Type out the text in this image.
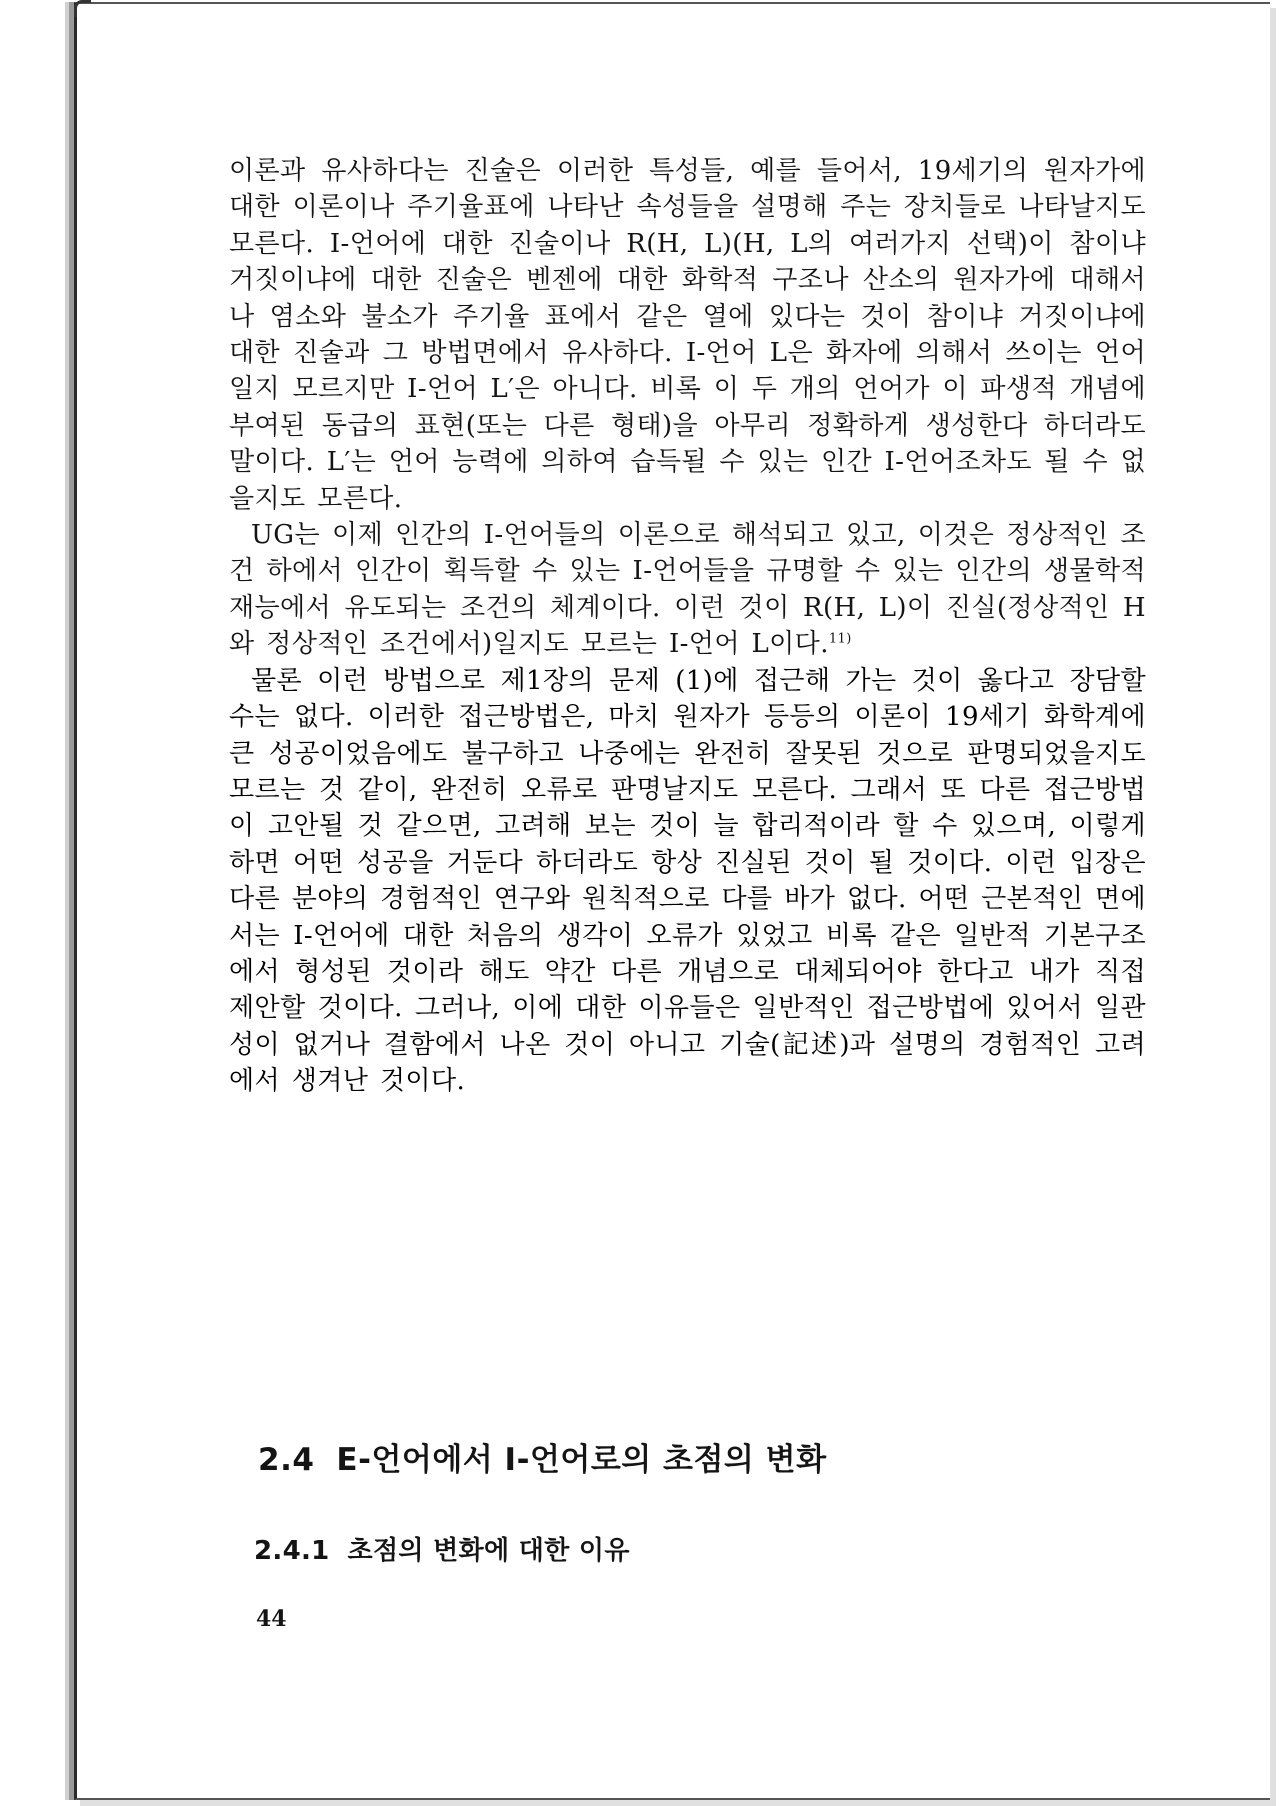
이론과 유사하다는 진술은 이러한 특성들, 예를 들어서, 19세기의 원자가에 대한 이론이나 주기율표에 나타난 속성들을 설명해 주는 장치들로 나타날지도 모른다. I-언어에 대한 진술이나 R(H, L)(H, L의 여러가지 선택)이 참이냐 거짓이냐에 대한 진술은 벤젠에 대한 화학적 구조나 산소의 원자가에 대해서나 염소와 불소가 주기율 표에서 같은 열에 있다는 것이 참이냐 거짓이냐에 대한 진술과 그 방법면에서 유사하다. I-언어 L은 화자에 의해서 쓰이는 언어일지 모르지만 I-언어 L′은 아니다. 비록 이 두 개의 언어가 이 파생적 개념에 부여된 동급의 표현(또는 다른 형태)을 아무리 정확하게 생성한다 하더라도 말이다. L′는 언어 능력에 의하여 습득될 수 있는 인간 I-언어조차도 될 수 없을지도 모른다.

UG는 이제 인간의 I-언어들의 이론으로 해석되고 있고, 이것은 정상적인 조건 하에서 인간이 획득할 수 있는 I-언어들을 규명할 수 있는 인간의 생물학적 재능에서 유도되는 조건의 체계이다. 이런 것이 R(H, L)이 진실(정상적인 H와 정상적인 조건에서)일지도 모르는 I-언어 L이다.$^{11)}$

물론 이런 방법으로 제1장의 문제 (1)에 접근해 가는 것이 옳다고 장담할 수는 없다. 이러한 접근방법은, 마치 원자가 등등의 이론이 19세기 화학계에 큰 성공이었음에도 불구하고 나중에는 완전히 잘못된 것으로 판명되었을지도 모르는 것 같이, 완전히 오류로 판명날지도 모른다. 그래서 또 다른 접근방법이 고안될 것 같으면, 고려해 보는 것이 늘 합리적이라 할 수 있으며, 이렇게 하면 어떤 성공을 거둔다 하더라도 항상 진실된 것이 될 것이다. 이런 입장은 다른 분야의 경험적인 연구와 원칙적으로 다를 바가 없다. 어떤 근본적인 면에서는 I-언어에 대한 처음의 생각이 오류가 있었고 비록 같은 일반적 기본구조에서 형성된 것이라 해도 약간 다른 개념으로 대체되어야 한다고 내가 직접 제안할 것이다. 그러나, 이에 대한 이유들은 일반적인 접근방법에 있어서 일관성이 없거나 결함에서 나온 것이 아니고 기술(記述)과 설명의 경험적인 고려에서 생겨난 것이다.

2.4 E-언어에서 I-언어로의 초점의 변화
2.4.1 초점의 변화에 대한 이유

44
